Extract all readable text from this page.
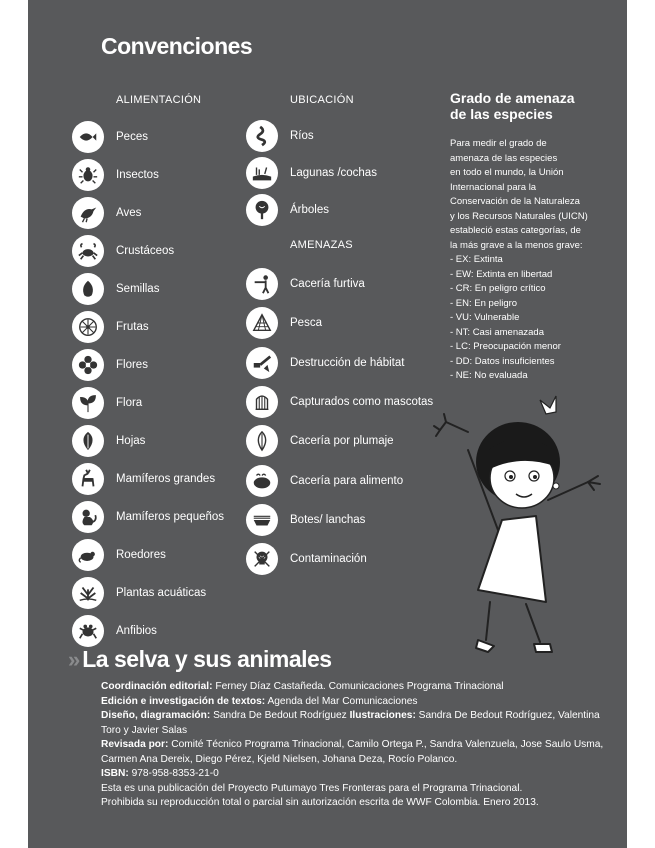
Convenciones
ALIMENTACIÓN	UBICACIÓN
AMENAZAS
Peces
Insectos
Aves
Crustáceos
Semillas
Frutas
Flores
Flora
Hojas
Mamíferos grandes
Mamíferos pequeños
Roedores
Plantas acuáticas
Anfibios
Ríos
Lagunas /cochas
Árboles
Cacería furtiva
Pesca
Destrucción de hábitat
Capturados como mascotas
Cacería por plumaje
Cacería para alimento
Botes/ lanchas
Contaminación
Grado de amenaza
de las especies
Para medir el grado de
amenaza de las especies
en todo el mundo, la Unión
Internacional para la
Conservación de la Naturaleza
y los Recursos Naturales (UICN)
estableció estas categorías, de
la más grave a la menos grave:
- EX: Extinta
- EW: Extinta en libertad
- CR: En peligro crítico
- EN: En peligro
- VU: Vulnerable
- NT: Casi amenazada
- LC: Preocupación menor
- DD: Datos insuficientes
- NE: No evaluada
» La selva y sus animales

Coordinación editorial: Ferney Díaz Castañeda. Comunicaciones Programa Trinacional

Edición e investigación de textos: Agenda del Mar Comunicaciones

Diseño, diagramación: Sandra De Bedout Rodríguez Ilustraciones: Sandra De Bedout Rodríguez, Valentina Toro y Javier Salas

Revisada por: Comité Técnico Programa Trinacional, Camilo Ortega P., Sandra Valenzuela, Jose Saulo Usma, Carmen Ana Dereix, Diego Pérez, Kjeld Nielsen, Johana Deza, Rocío Polanco.

ISBN: 978-958-8353-21-0

Esta es una publicación del Proyecto Putumayo Tres Fronteras para el Programa Trinacional.

Prohibida su reproducción total o parcial sin autorización escrita de WWF Colombia. Enero 2013.
